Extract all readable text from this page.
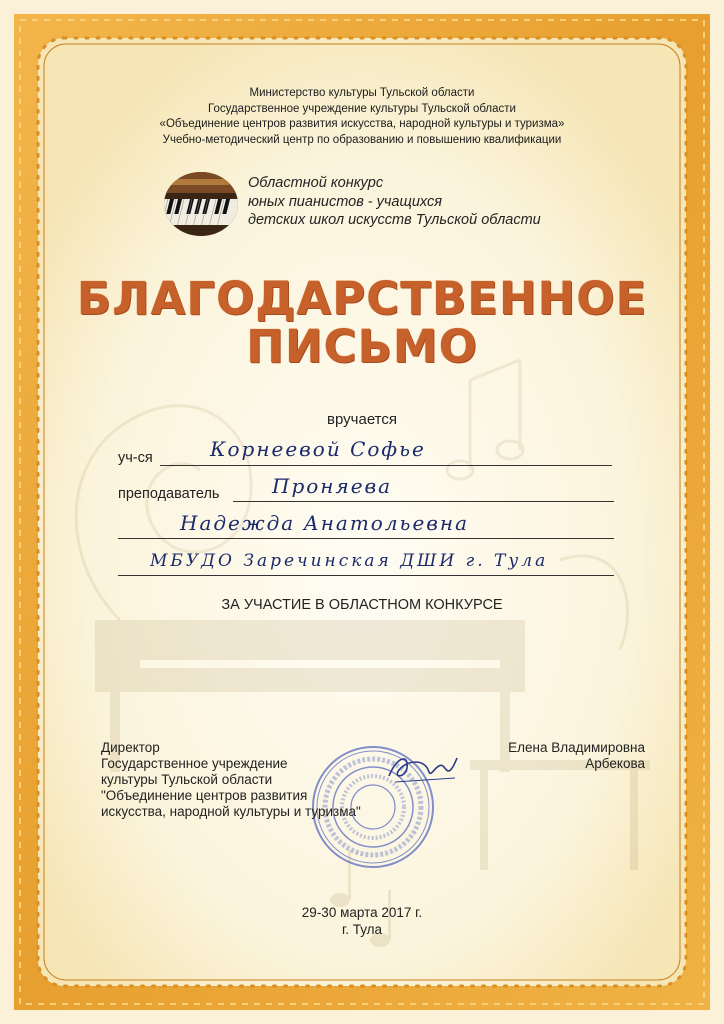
Министерство культуры Тульской области
Государственное учреждение культуры Тульской области
«Объединение центров развития искусства, народной культуры и туризма»
Учебно-методический центр по образованию и повышению квалификации
Областной конкурс
юных пианистов - учащихся
детских школ искусств Тульской области
БЛАГОДАРСТВЕННОЕ
ПИСЬМО
вручается
уч-ся	Корнеевой Софье
преподаватель	Проняева
Надежда Анатольевна
МБУДО Заречинская ДШИ г. Тула
ЗА УЧАСТИЕ В ОБЛАСТНОМ КОНКУРСЕ
Директор
Государственное учреждение
культуры Тульской области
"Объединение центров развития
искусства, народной культуры и туризма"
Елена Владимировна
Арбекова
29-30 марта 2017 г.
г. Тула
